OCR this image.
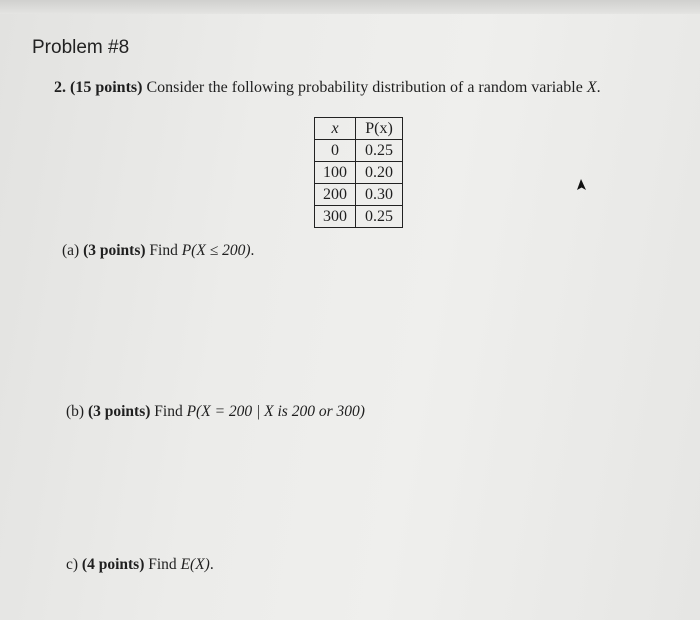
Problem #8
2. (15 points) Consider the following probability distribution of a random variable X.
x	P(x)
0	0.25
100	0.20
200	0.30
300	0.25
(a) (3 points) Find P(X ≤ 200).
(b) (3 points) Find P(X = 200 | X is 200 or 300)
c) (4 points) Find E(X).
